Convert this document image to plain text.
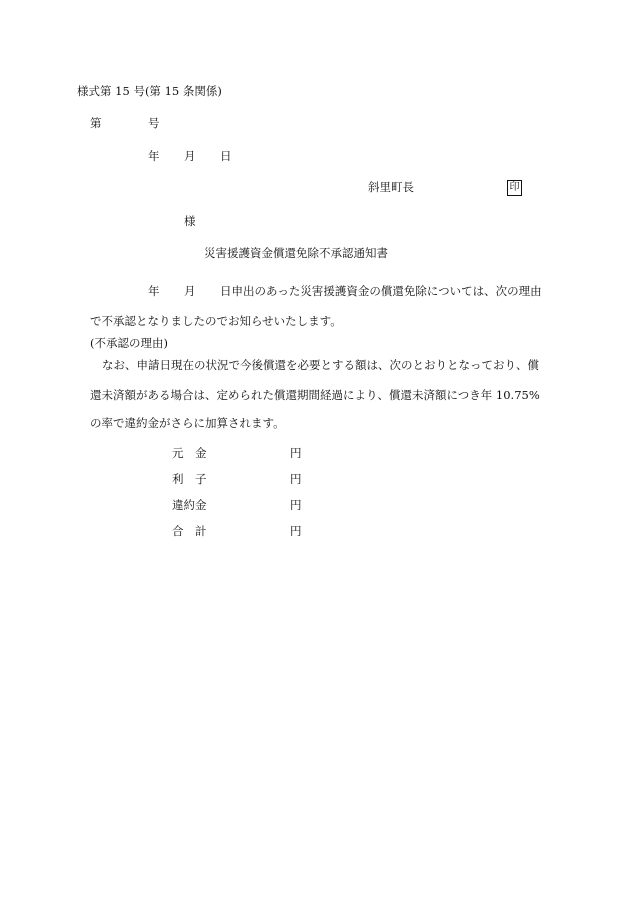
様式第 15 号(第 15 条関係)
第	号
年 月 日
斜里町長	印
様
災害援護資金償還免除不承認通知書
年 月 日申出のあった災害援護資金の償還免除については、次の理由
で不承認となりましたのでお知らせいたします。
(不承認の理由)
なお、申請日現在の状況で今後償還を必要とする額は、次のとおりとなっており、償
還未済額がある場合は、定められた償還期間経過により、償還未済額につき年 10.75%
の率で違約金がさらに加算されます。
元　金	円
利　子	円
違約金	円
合　計	円
